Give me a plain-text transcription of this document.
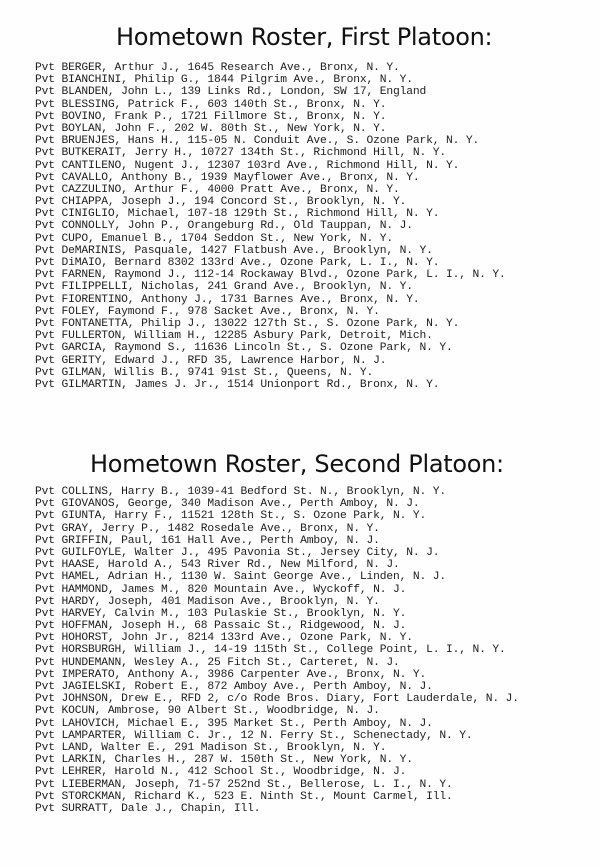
Hometown Roster, First Platoon:
Pvt BERGER, Arthur J., 1645 Research Ave., Bronx, N. Y.
Pvt BIANCHINI, Philip G., 1844 Pilgrim Ave., Bronx, N. Y.
Pvt BLANDEN, John L., 139 Links Rd., London, SW 17, England
Pvt BLESSING, Patrick F., 603 140th St., Bronx, N. Y.
Pvt BOVINO, Frank P., 1721 Fillmore St., Bronx, N. Y.
Pvt BOYLAN, John F., 202 W. 80th St., New York, N. Y.
Pvt BRUENJES, Hans H., 115-05 N. Conduit Ave., S. Ozone Park, N. Y.
Pvt BUTKERAIT, Jerry H., 10727 134th St., Richmond Hill, N. Y.
Pvt CANTILENO, Nugent J., 12307 103rd Ave., Richmond Hill, N. Y.
Pvt CAVALLO, Anthony B., 1939 Mayflower Ave., Bronx, N. Y.
Pvt CAZZULINO, Arthur F., 4000 Pratt Ave., Bronx, N. Y.
Pvt CHIAPPA, Joseph J., 194 Concord St., Brooklyn, N. Y.
Pvt CINIGLIO, Michael, 107-18 129th St., Richmond Hill, N. Y.
Pvt CONNOLLY, John P., Orangeburg Rd., Old Tauppan, N. J.
Pvt CUPO, Emanuel B., 1704 Seddon St., New York, N. Y.
Pvt DeMARINIS, Pasquale, 1427 Flatbush Ave., Brooklyn, N. Y.
Pvt DiMAIO, Bernard 8302 133rd Ave., Ozone Park, L. I., N. Y.
Pvt FARNEN, Raymond J., 112-14 Rockaway Blvd., Ozone Park, L. I., N. Y.
Pvt FILIPPELLI, Nicholas, 241 Grand Ave., Brooklyn, N. Y.
Pvt FIORENTINO, Anthony J., 1731 Barnes Ave., Bronx, N. Y.
Pvt FOLEY, Faymond F., 978 Sacket Ave., Bronx, N. Y.
Pvt FONTANETTA, Philip J., 13022 127th St., S. Ozone Park, N. Y.
Pvt FULLERTON, William H., 12285 Asbury Park, Detroit, Mich.
Pvt GARCIA, Raymond S., 11636 Lincoln St., S. Ozone Park, N. Y.
Pvt GERITY, Edward J., RFD 35, Lawrence Harbor, N. J.
Pvt GILMAN, Willis B., 9741 91st St., Queens, N. Y.
Pvt GILMARTIN, James J. Jr., 1514 Unionport Rd., Bronx, N. Y.
Hometown Roster, Second Platoon:
Pvt COLLINS, Harry B., 1039-41 Bedford St. N., Brooklyn, N. Y.
Pvt GIOVANOS, George, 340 Madison Ave., Perth Amboy, N. J.
Pvt GIUNTA, Harry F., 11521 128th St., S. Ozone Park, N. Y.
Pvt GRAY, Jerry P., 1482 Rosedale Ave., Bronx, N. Y.
Pvt GRIFFIN, Paul, 161 Hall Ave., Perth Amboy, N. J.
Pvt GUILFOYLE, Walter J., 495 Pavonia St., Jersey City, N. J.
Pvt HAASE, Harold A., 543 River Rd., New Milford, N. J.
Pvt HAMEL, Adrian H., 1130 W. Saint George Ave., Linden, N. J.
Pvt HAMMOND, James M., 820 Mountain Ave., Wyckoff, N. J.
Pvt HARDY, Joseph, 401 Madison Ave., Brooklyn, N. Y.
Pvt HARVEY, Calvin M., 103 Pulaskie St., Brooklyn, N. Y.
Pvt HOFFMAN, Joseph H., 68 Passaic St., Ridgewood, N. J.
Pvt HOHORST, John Jr., 8214 133rd Ave., Ozone Park, N. Y.
Pvt HORSBURGH, William J., 14-19 115th St., College Point, L. I., N. Y.
Pvt HUNDEMANN, Wesley A., 25 Fitch St., Carteret, N. J.
Pvt IMPERATO, Anthony A., 3986 Carpenter Ave., Bronx, N. Y.
Pvt JAGIELSKI, Robert E., 872 Amboy Ave., Perth Amboy, N. J.
Pvt JOHNSON, Drew E., RFD 2, c/o Rode Bros. Diary, Fort Lauderdale, N. J.
Pvt KOCUN, Ambrose, 90 Albert St., Woodbridge, N. J.
Pvt LAHOVICH, Michael E., 395 Market St., Perth Amboy, N. J.
Pvt LAMPARTER, William C. Jr., 12 N. Ferry St., Schenectady, N. Y.
Pvt LAND, Walter E., 291 Madison St., Brooklyn, N. Y.
Pvt LARKIN, Charles H., 287 W. 150th St., New York, N. Y.
Pvt LEHRER, Harold N., 412 School St., Woodbridge, N. J.
Pvt LIEBERMAN, Joseph, 71-57 252nd St., Bellerose, L. I., N. Y.
Pvt STORCKMAN, Richard K., 523 E. Ninth St., Mount Carmel, Ill.
Pvt SURRATT, Dale J., Chapin, Ill.
